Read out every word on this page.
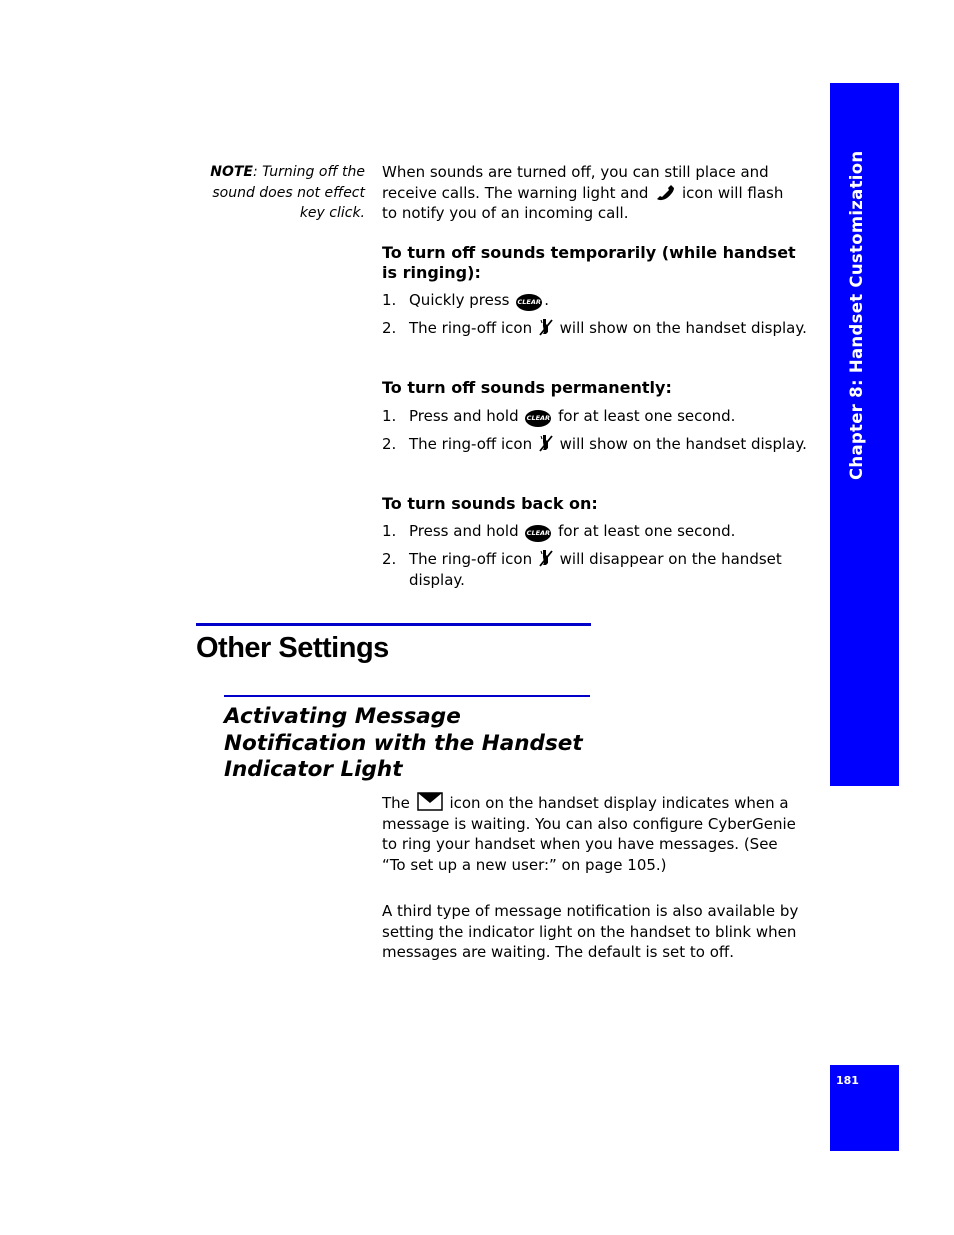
Chapter 8: Handset Customization
181
NOTE: Turning off the sound does not effect key click.
When sounds are turned off, you can still place and receive calls. The warning light and  icon will flash to notify you of an incoming call.
To turn off sounds temporarily (while handset is ringing):
1. Quickly press CLEAR .
2. The ring-off icon  will show on the handset display.
To turn off sounds permanently:
1. Press and hold CLEAR for at least one second.
2. The ring-off icon  will show on the handset display.
To turn sounds back on:
1. Press and hold CLEAR for at least one second.
2. The ring-off icon  will disappear on the handset display.
Other Settings
Activating Message Notification with the Handset Indicator Light
The  icon on the handset display indicates when a message is waiting. You can also configure CyberGenie to ring your handset when you have messages. (See “To set up a new user:” on page 105.)
A third type of message notification is also available by setting the indicator light on the handset to blink when messages are waiting. The default is set to off.
